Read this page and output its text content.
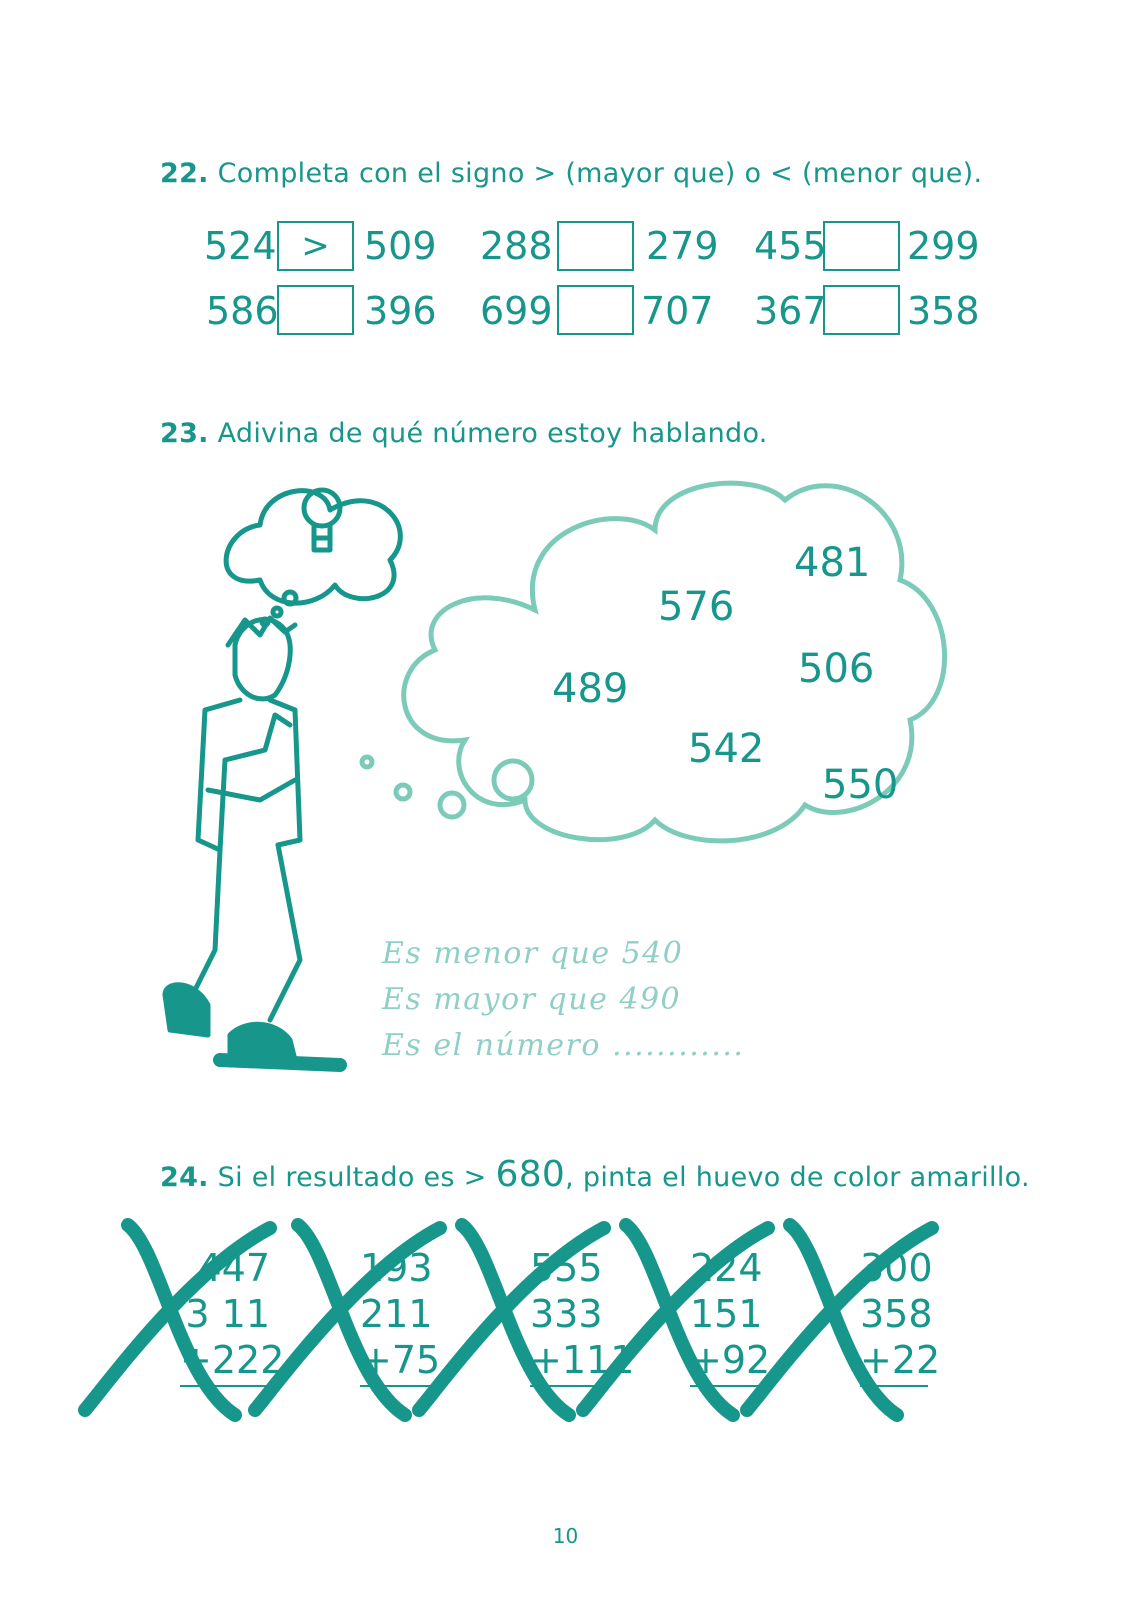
22. Completa con el signo > (mayor que) o < (menor que).
524 > 509 288 279 455 299
586 396 699 707 367 358
23. Adivina de qué número estoy hablando.
481
576
506
489
542
550
Es menor que 540
Es mayor que 490
Es el número ............
24. Si el resultado es > 680, pinta el huevo de color amarillo.
447
3 11
+222
193
211
+75
555
333
+111
224
151
+92
300
358
+22
10
